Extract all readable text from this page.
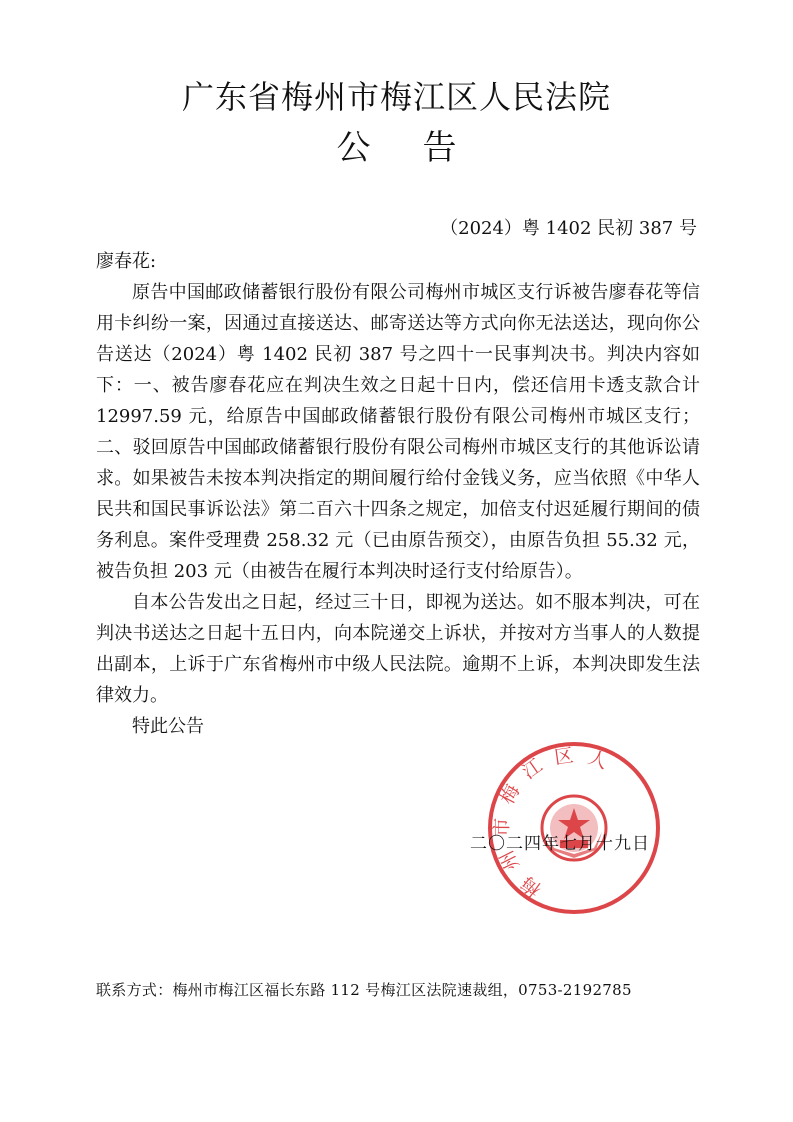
广东省梅州市梅江区人民法院
公 告
（2024）粤 1402 民初 387 号

廖春花:

原告中国邮政储蓄银行股份有限公司梅州市城区支行诉被告廖春花等信用卡纠纷一案，因通过直接送达、邮寄送达等方式向你无法送达，现向你公告送达（2024）粤 1402 民初 387 号之四十一民事判决书。判决内容如下：一、被告廖春花应在判决生效之日起十日内，偿还信用卡透支款合计 12997.59 元，给原告中国邮政储蓄银行股份有限公司梅州市城区支行；二、驳回原告中国邮政储蓄银行股份有限公司梅州市城区支行的其他诉讼请求。如果被告未按本判决指定的期间履行给付金钱义务，应当依照《中华人民共和国民事诉讼法》第二百六十四条之规定，加倍支付迟延履行期间的债务利息。案件受理费 258.32 元（已由原告预交），由原告负担 55.32 元，被告负担 203 元（由被告在履行本判决时迳行支付给原告）。

自本公告发出之日起，经过三十日，即视为送达。如不服本判决，可在判决书送达之日起十五日内，向本院递交上诉状，并按对方当事人的人数提出副本，上诉于广东省梅州市中级人民法院。逾期不上诉，本判决即发生法律效力。

特此公告

梅州市梅江区人民法院
二〇二四年七月十九日
联系方式：梅州市梅江区福长东路 112 号梅江区法院速裁组，0753-2192785
